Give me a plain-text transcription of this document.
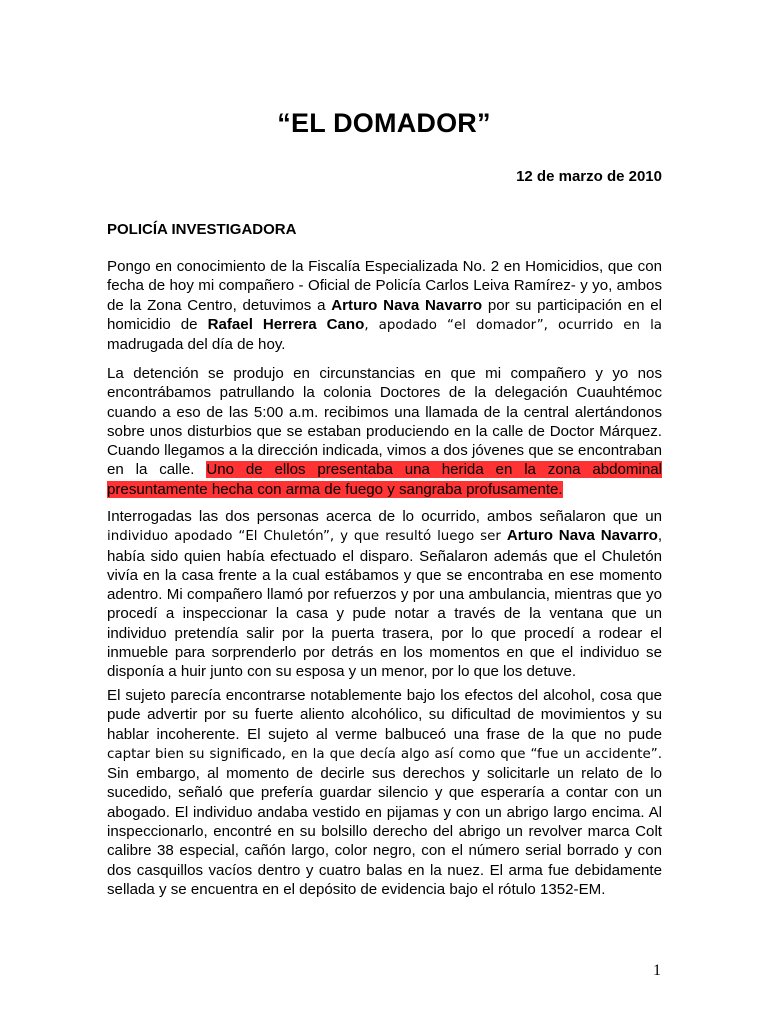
“EL DOMADOR”
12 de marzo de 2010
POLICÍA INVESTIGADORA

Pongo en conocimiento de la Fiscalía Especializada No. 2 en Homicidios, que con fecha de hoy mi compañero - Oficial de Policía Carlos Leiva Ramírez- y yo, ambos de la Zona Centro, detuvimos a Arturo Nava Navarro por su participación en el homicidio de Rafael Herrera Cano, apodado “el domador”, ocurrido en la madrugada del día de hoy.

La detención se produjo en circunstancias en que mi compañero y yo nos encontrábamos patrullando la colonia Doctores de la delegación Cuauhtémoc cuando a eso de las 5:00 a.m. recibimos una llamada de la central alertándonos sobre unos disturbios que se estaban produciendo en la calle de Doctor Márquez. Cuando llegamos a la dirección indicada, vimos a dos jóvenes que se encontraban en la calle. Uno de ellos presentaba una herida en la zona abdominal presuntamente hecha con arma de fuego y sangraba profusamente.

Interrogadas las dos personas acerca de lo ocurrido, ambos señalaron que un individuo apodado “El Chuletón”, y que resultó luego ser Arturo Nava Navarro, había sido quien había efectuado el disparo. Señalaron además que el Chuletón vivía en la casa frente a la cual estábamos y que se encontraba en ese momento adentro. Mi compañero llamó por refuerzos y por una ambulancia, mientras que yo procedí a inspeccionar la casa y pude notar a través de la ventana que un individuo pretendía salir por la puerta trasera, por lo que procedí a rodear el inmueble para sorprenderlo por detrás en los momentos en que el individuo se disponía a huir junto con su esposa y un menor, por lo que los detuve.

El sujeto parecía encontrarse notablemente bajo los efectos del alcohol, cosa que pude advertir por su fuerte aliento alcohólico, su dificultad de movimientos y su hablar incoherente. El sujeto al verme balbuceó una frase de la que no pude captar bien su significado, en la que decía algo así como que “fue un accidente”. Sin embargo, al momento de decirle sus derechos y solicitarle un relato de lo sucedido, señaló que prefería guardar silencio y que esperaría a contar con un abogado. El individuo andaba vestido en pijamas y con un abrigo largo encima. Al inspeccionarlo, encontré en su bolsillo derecho del abrigo un revolver marca Colt calibre 38 especial, cañón largo, color negro, con el número serial borrado y con dos casquillos vacíos dentro y cuatro balas en la nuez. El arma fue debidamente sellada y se encuentra en el depósito de evidencia bajo el rótulo 1352-EM.

1
